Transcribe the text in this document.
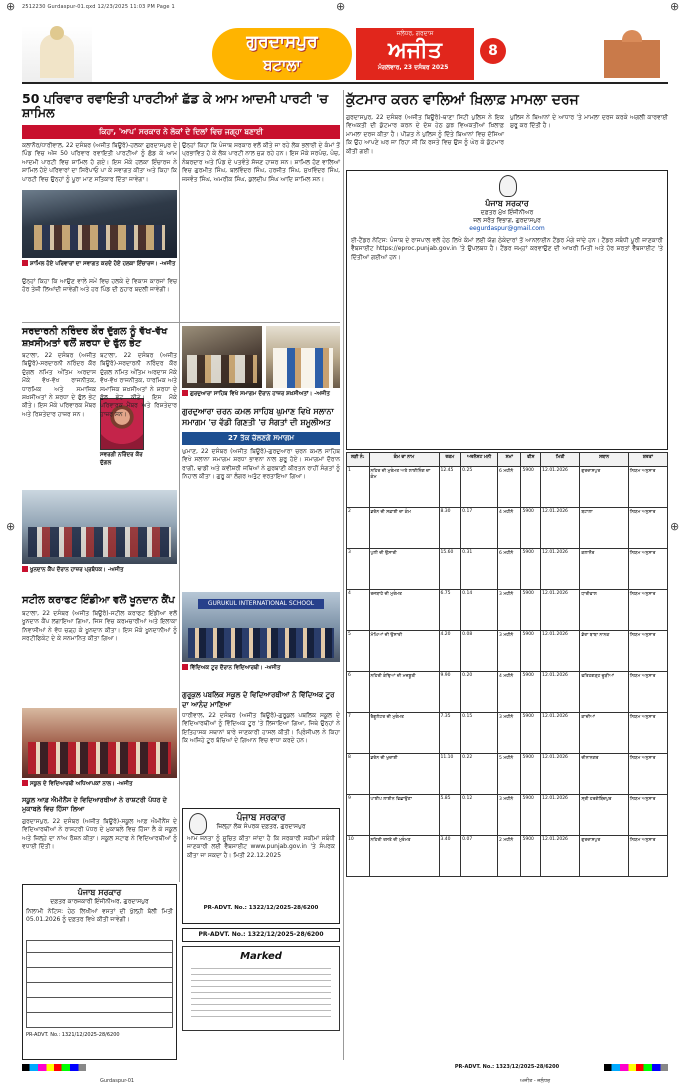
2512230 Gurdaspur-01.qxd 12/23/2025 11:03 PM Page 1
⊕	⊕	⊕
⊕	⊕
ਗੁਰਦਾਸਪੁਰ
ਬਟਾਲਾ
ਜਲੰਧਰ, ਗਰਦਾਸ
ਅਜੀਤ
ਮੰਗਲਵਾਰ, 23 ਦਸੰਬਰ 2025
8
50 ਪਰਿਵਾਰ ਰਵਾਇਤੀ ਪਾਰਟੀਆਂ ਛੱਡ ਕੇ ਆਮ ਆਦਮੀ ਪਾਰਟੀ 'ਚ ਸ਼ਾਮਿਲ
ਕਿਹਾ, 'ਆਪ' ਸਰਕਾਰ ਨੇ ਲੋਕਾਂ ਦੇ ਦਿਲਾਂ ਵਿਚ ਜਗ੍ਹਾ ਬਣਾਈ
ਕਲਾਨੌਰ/ਧਾਰੀਵਾਲ, 22 ਦਸੰਬਰ (ਅਜੀਤ ਬਿਊਰੋ)-ਹਲਕਾ ਗੁਰਦਾਸਪੁਰ ਦੇ ਪਿੰਡ ਵਿਚ ਅੱਜ 50 ਪਰਿਵਾਰ ਰਵਾਇਤੀ ਪਾਰਟੀਆਂ ਨੂੰ ਛੱਡ ਕੇ ਆਮ ਆਦਮੀ ਪਾਰਟੀ ਵਿਚ ਸ਼ਾਮਿਲ ਹੋ ਗਏ। ਇਸ ਮੌਕੇ ਹਲਕਾ ਇੰਚਾਰਜ ਨੇ ਸ਼ਾਮਿਲ ਹੋਏ ਪਰਿਵਾਰਾਂ ਦਾ ਸਿਰੋਪਾਓ ਪਾ ਕੇ ਸਵਾਗਤ ਕੀਤਾ ਅਤੇ ਕਿਹਾ ਕਿ ਪਾਰਟੀ ਵਿਚ ਉਨ੍ਹਾਂ ਨੂੰ ਪੂਰਾ ਮਾਣ ਸਤਿਕਾਰ ਦਿੱਤਾ ਜਾਵੇਗਾ।
ਸ਼ਾਮਿਲ ਹੋਏ ਪਰਿਵਾਰਾਂ ਦਾ ਸਵਾਗਤ ਕਰਦੇ ਹੋਏ ਹਲਕਾ ਇੰਚਾਰਜ। -ਅਜੀਤ
ਉਨ੍ਹਾਂ ਕਿਹਾ ਕਿ ਆਉਣ ਵਾਲੇ ਸਮੇਂ ਵਿਚ ਹਲਕੇ ਦੇ ਵਿਕਾਸ ਕਾਰਜਾਂ ਵਿਚ ਹੋਰ ਤੇਜ਼ੀ ਲਿਆਂਦੀ ਜਾਵੇਗੀ ਅਤੇ ਹਰ ਪਿੰਡ ਦੀ ਨੁਹਾਰ ਬਦਲੀ ਜਾਵੇਗੀ।
ਉਨ੍ਹਾਂ ਕਿਹਾ ਕਿ ਪੰਜਾਬ ਸਰਕਾਰ ਵਲੋਂ ਕੀਤੇ ਜਾ ਰਹੇ ਲੋਕ ਭਲਾਈ ਦੇ ਕੰਮਾਂ ਤੋਂ ਪ੍ਰਭਾਵਿਤ ਹੋ ਕੇ ਲੋਕ ਪਾਰਟੀ ਨਾਲ ਜੁੜ ਰਹੇ ਹਨ। ਇਸ ਮੌਕੇ ਸਰਪੰਚ, ਪੰਚ, ਨੰਬਰਦਾਰ ਅਤੇ ਪਿੰਡ ਦੇ ਪਤਵੰਤੇ ਸੱਜਣ ਹਾਜ਼ਰ ਸਨ। ਸ਼ਾਮਿਲ ਹੋਣ ਵਾਲਿਆਂ ਵਿਚ ਗੁਰਮੀਤ ਸਿੰਘ, ਬਲਵਿੰਦਰ ਸਿੰਘ, ਹਰਜੀਤ ਸਿੰਘ, ਸੁਖਵਿੰਦਰ ਸਿੰਘ, ਜਸਵੰਤ ਸਿੰਘ, ਅਮਰੀਕ ਸਿੰਘ, ਕੁਲਦੀਪ ਸਿੰਘ ਆਦਿ ਸ਼ਾਮਿਲ ਸਨ।
ਸਰਦਾਰਨੀ ਨਰਿੰਦਰ ਕੌਰ ਦੁੱਗਲ ਨੂੰ ਵੱਖ-ਵੱਖ ਸ਼ਖ਼ਸੀਅਤਾਂ ਵਲੋਂ ਸ਼ਰਧਾ ਦੇ ਫੁੱਲ ਭੇਟ
ਬਟਾਲਾ, 22 ਦਸੰਬਰ (ਅਜੀਤ ਬਿਊਰੋ)-ਸਰਦਾਰਨੀ ਨਰਿੰਦਰ ਕੌਰ ਦੁੱਗਲ ਨਮਿਤ ਅੰਤਿਮ ਅਰਦਾਸ ਮੌਕੇ ਵੱਖ-ਵੱਖ ਰਾਜਨੀਤਕ, ਧਾਰਮਿਕ ਅਤੇ ਸਮਾਜਿਕ ਸ਼ਖ਼ਸੀਅਤਾਂ ਨੇ ਸ਼ਰਧਾ ਦੇ ਫੁੱਲ ਭੇਟ ਕੀਤੇ। ਇਸ ਮੌਕੇ ਪਰਿਵਾਰਕ ਮੈਂਬਰ ਅਤੇ ਰਿਸ਼ਤੇਦਾਰ ਹਾਜ਼ਰ ਸਨ।
ਸਵਰਗੀ ਨਰਿੰਦਰ ਕੌਰ ਦੁੱਗਲ
ਬਟਾਲਾ, 22 ਦਸੰਬਰ (ਅਜੀਤ ਬਿਊਰੋ)-ਸਰਦਾਰਨੀ ਨਰਿੰਦਰ ਕੌਰ ਦੁੱਗਲ ਨਮਿਤ ਅੰਤਿਮ ਅਰਦਾਸ ਮੌਕੇ ਵੱਖ-ਵੱਖ ਰਾਜਨੀਤਕ, ਧਾਰਮਿਕ ਅਤੇ ਸਮਾਜਿਕ ਸ਼ਖ਼ਸੀਅਤਾਂ ਨੇ ਸ਼ਰਧਾ ਦੇ ਫੁੱਲ ਭੇਟ ਕੀਤੇ। ਇਸ ਮੌਕੇ ਪਰਿਵਾਰਕ ਮੈਂਬਰ ਅਤੇ ਰਿਸ਼ਤੇਦਾਰ ਹਾਜ਼ਰ ਸਨ।
ਗੁਰਦੁਆਰਾ ਸਾਹਿਬ ਵਿਖੇ ਸਮਾਗਮ ਦੌਰਾਨ ਹਾਜ਼ਰ ਸ਼ਖ਼ਸੀਅਤਾਂ। -ਅਜੀਤ
ਗੁਰਦੁਆਰਾ ਚਰਨ ਕਮਲ ਸਾਹਿਬ ਘੁਮਾਣ ਵਿਖੇ ਸਲਾਨਾ ਸਮਾਗਮ 'ਚ ਵੱਡੀ ਗਿਣਤੀ 'ਚ ਸੰਗਤਾਂ ਦੀ ਸ਼ਮੂਲੀਅਤ
27 ਤੱਕ ਚੱਲਣਗੇ ਸਮਾਗਮ
ਘੁਮਾਣ, 22 ਦਸੰਬਰ (ਅਜੀਤ ਬਿਊਰੋ)-ਗੁਰਦੁਆਰਾ ਚਰਨ ਕਮਲ ਸਾਹਿਬ ਵਿਖੇ ਸਲਾਨਾ ਸਮਾਗਮ ਸ਼ਰਧਾ ਭਾਵਨਾ ਨਾਲ ਸ਼ੁਰੂ ਹੋਏ। ਸਮਾਗਮਾਂ ਦੌਰਾਨ ਰਾਗੀ, ਢਾਡੀ ਅਤੇ ਕਵੀਸ਼ਰੀ ਜਥਿਆਂ ਨੇ ਗੁਰਬਾਣੀ ਕੀਰਤਨ ਰਾਹੀਂ ਸੰਗਤਾਂ ਨੂੰ ਨਿਹਾਲ ਕੀਤਾ। ਗੁਰੂ ਕਾ ਲੰਗਰ ਅਤੁੱਟ ਵਰਤਾਇਆ ਗਿਆ।
ਖੂਨਦਾਨ ਕੈਂਪ ਦੌਰਾਨ ਹਾਜ਼ਰ ਪ੍ਰਬੰਧਕ। -ਅਜੀਤ
ਸਟੀਲ ਕਰਾਫਟ ਇੰਡੀਆ ਵਲੋਂ ਖੂਨਦਾਨ ਕੈਂਪ
ਬਟਾਲਾ, 22 ਦਸੰਬਰ (ਅਜੀਤ ਬਿਊਰੋ)-ਸਟੀਲ ਕਰਾਫਟ ਇੰਡੀਆ ਵਲੋਂ ਖੂਨਦਾਨ ਕੈਂਪ ਲਗਾਇਆ ਗਿਆ, ਜਿਸ ਵਿਚ ਕਰਮਚਾਰੀਆਂ ਅਤੇ ਇਲਾਕਾ ਨਿਵਾਸੀਆਂ ਨੇ ਵੱਧ ਚੜ੍ਹ ਕੇ ਖੂਨਦਾਨ ਕੀਤਾ। ਇਸ ਮੌਕੇ ਖੂਨਦਾਨੀਆਂ ਨੂੰ ਸਰਟੀਫਿਕੇਟ ਦੇ ਕੇ ਸਨਮਾਨਿਤ ਕੀਤਾ ਗਿਆ।
GURUKUL INTERNATIONAL SCHOOL
ਵਿੱਦਿਅਕ ਟੂਰ ਦੌਰਾਨ ਵਿਦਿਆਰਥੀ। -ਅਜੀਤ
ਗੁਰੂਕੁਲ ਪਬਲਿਕ ਸਕੂਲ ਦੇ ਵਿਦਿਆਰਥੀਆਂ ਨੇ ਵਿੱਦਿਅਕ ਟੂਰ ਦਾ ਆਨੰਦ ਮਾਣਿਆ
ਧਾਰੀਵਾਲ, 22 ਦਸੰਬਰ (ਅਜੀਤ ਬਿਊਰੋ)-ਗੁਰੂਕੁਲ ਪਬਲਿਕ ਸਕੂਲ ਦੇ ਵਿਦਿਆਰਥੀਆਂ ਨੂੰ ਵਿੱਦਿਅਕ ਟੂਰ 'ਤੇ ਲਿਜਾਇਆ ਗਿਆ, ਜਿਥੇ ਉਨ੍ਹਾਂ ਨੇ ਇਤਿਹਾਸਕ ਸਥਾਨਾਂ ਬਾਰੇ ਜਾਣਕਾਰੀ ਹਾਸਲ ਕੀਤੀ। ਪ੍ਰਿੰਸੀਪਲ ਨੇ ਕਿਹਾ ਕਿ ਅਜਿਹੇ ਟੂਰ ਬੱਚਿਆਂ ਦੇ ਗਿਆਨ ਵਿਚ ਵਾਧਾ ਕਰਦੇ ਹਨ।
ਸਕੂਲ ਦੇ ਵਿਦਿਆਰਥੀ ਅਧਿਆਪਕਾਂ ਨਾਲ। -ਅਜੀਤ
ਸਕੂਲ ਆਫ਼ ਐਮੀਨੈਂਸ ਦੇ ਵਿਦਿਆਰਥੀਆਂ ਨੇ ਰਾਸ਼ਟਰੀ ਪੱਧਰ ਦੇ ਮੁਕਾਬਲੇ ਵਿਚ ਹਿੱਸਾ ਲਿਆ
ਗੁਰਦਾਸਪੁਰ, 22 ਦਸੰਬਰ (ਅਜੀਤ ਬਿਊਰੋ)-ਸਕੂਲ ਆਫ਼ ਐਮੀਨੈਂਸ ਦੇ ਵਿਦਿਆਰਥੀਆਂ ਨੇ ਰਾਸ਼ਟਰੀ ਪੱਧਰ ਦੇ ਮੁਕਾਬਲੇ ਵਿਚ ਹਿੱਸਾ ਲੈ ਕੇ ਸਕੂਲ ਅਤੇ ਜ਼ਿਲ੍ਹੇ ਦਾ ਨਾਂਅ ਰੌਸ਼ਨ ਕੀਤਾ। ਸਕੂਲ ਸਟਾਫ ਨੇ ਵਿਦਿਆਰਥੀਆਂ ਨੂੰ ਵਧਾਈ ਦਿੱਤੀ।
ਪੰਜਾਬ ਸਰਕਾਰ
ਦਫ਼ਤਰ ਕਾਰਜਕਾਰੀ ਇੰਜੀਨੀਅਰ, ਗੁਰਦਾਸਪੁਰ
ਨਿਲਾਮੀ ਨੋਟਿਸ: ਹੇਠ ਲਿਖੀਆਂ ਵਸਤਾਂ ਦੀ ਖੁੱਲ੍ਹੀ ਬੋਲੀ ਮਿਤੀ 05.01.2026 ਨੂੰ ਦਫ਼ਤਰ ਵਿਖੇ ਕੀਤੀ ਜਾਵੇਗੀ।
PR-ADVT. No.: 1321/12/2025-28/6200
ਪੰਜਾਬ ਸਰਕਾਰ
ਜ਼ਿਲ੍ਹਾ ਲੋਕ ਸੰਪਰਕ ਦਫ਼ਤਰ, ਗੁਰਦਾਸਪੁਰ
ਆਮ ਜਨਤਾ ਨੂੰ ਸੂਚਿਤ ਕੀਤਾ ਜਾਂਦਾ ਹੈ ਕਿ ਸਰਕਾਰੀ ਸਕੀਮਾਂ ਸਬੰਧੀ ਜਾਣਕਾਰੀ ਲਈ ਵੈੱਬਸਾਈਟ www.punjab.gov.in 'ਤੇ ਸੰਪਰਕ ਕੀਤਾ ਜਾ ਸਕਦਾ ਹੈ। ਮਿਤੀ 22.12.2025
PR-ADVT. No.: 1322/12/2025-28/6200
PR-ADVT. No.: 1322/12/2025-28/6200
Marked
ਕੁੱਟਮਾਰ ਕਰਨ ਵਾਲਿਆਂ ਖ਼ਿਲਾਫ਼ ਮਾਮਲਾ ਦਰਜ
ਗੁਰਦਾਸਪੁਰ, 22 ਦਸੰਬਰ (ਅਜੀਤ ਬਿਊਰੋ)-ਥਾਣਾ ਸਿਟੀ ਪੁਲਿਸ ਨੇ ਇਕ ਵਿਅਕਤੀ ਦੀ ਕੁੱਟਮਾਰ ਕਰਨ ਦੇ ਦੋਸ਼ ਹੇਠ ਕੁਝ ਵਿਅਕਤੀਆਂ ਖ਼ਿਲਾਫ਼ ਮਾਮਲਾ ਦਰਜ ਕੀਤਾ ਹੈ। ਪੀੜਤ ਨੇ ਪੁਲਿਸ ਨੂੰ ਦਿੱਤੇ ਬਿਆਨਾਂ ਵਿਚ ਦੱਸਿਆ ਕਿ ਉਹ ਆਪਣੇ ਘਰ ਜਾ ਰਿਹਾ ਸੀ ਕਿ ਰਸਤੇ ਵਿਚ ਉਸ ਨੂੰ ਘੇਰ ਕੇ ਕੁੱਟਮਾਰ ਕੀਤੀ ਗਈ।
ਪੁਲਿਸ ਨੇ ਬਿਆਨਾਂ ਦੇ ਆਧਾਰ 'ਤੇ ਮਾਮਲਾ ਦਰਜ ਕਰਕੇ ਅਗਲੀ ਕਾਰਵਾਈ ਸ਼ੁਰੂ ਕਰ ਦਿੱਤੀ ਹੈ।
ਪੰਜਾਬ ਸਰਕਾਰ
ਦਫ਼ਤਰ ਮੁੱਖ ਇੰਜੀਨੀਅਰ
ਜਲ ਸਰੋਤ ਵਿਭਾਗ, ਗੁਰਦਾਸਪੁਰ
eegurdaspur@gmail.com
ਈ-ਟੈਂਡਰ ਨੋਟਿਸ: ਪੰਜਾਬ ਦੇ ਰਾਜਪਾਲ ਵਲੋਂ ਹੇਠ ਲਿਖੇ ਕੰਮਾਂ ਲਈ ਯੋਗ ਠੇਕੇਦਾਰਾਂ ਤੋਂ ਆਨਲਾਈਨ ਟੈਂਡਰ ਮੰਗੇ ਜਾਂਦੇ ਹਨ। ਟੈਂਡਰ ਸਬੰਧੀ ਪੂਰੀ ਜਾਣਕਾਰੀ ਵੈੱਬਸਾਈਟ https://eproc.punjab.gov.in 'ਤੇ ਉਪਲਬਧ ਹੈ। ਟੈਂਡਰ ਜਮ੍ਹਾਂ ਕਰਵਾਉਣ ਦੀ ਆਖ਼ਰੀ ਮਿਤੀ ਅਤੇ ਹੋਰ ਸ਼ਰਤਾਂ ਵੈੱਬਸਾਈਟ 'ਤੇ ਦਿੱਤੀਆਂ ਗਈਆਂ ਹਨ।
ਲੜੀ ਨੰ:	ਕੰਮ ਦਾ ਨਾਮ	ਰਕਮ	ਅਰਨੈਸਟ ਮਨੀ	ਸਮਾਂ	ਫੀਸ	ਮਿਤੀ	ਸਥਾਨ	ਸ਼ਰਤਾਂ
1	ਨਹਿਰ ਦੀ ਮੁਰੰਮਤ ਅਤੇ ਲਾਈਨਿੰਗ ਦਾ ਕੰਮ	12.45	0.25	6 ਮਹੀਨੇ	5900	12.01.2026	ਗੁਰਦਾਸਪੁਰ	ਨਿਯਮ ਅਨੁਸਾਰ
2	ਡਰੇਨ ਦੀ ਸਫ਼ਾਈ ਦਾ ਕੰਮ	8.30	0.17	4 ਮਹੀਨੇ	5900	12.01.2026	ਬਟਾਲਾ	ਨਿਯਮ ਅਨੁਸਾਰ
3	ਪੁਲੀ ਦੀ ਉਸਾਰੀ	15.60	0.31	6 ਮਹੀਨੇ	5900	12.01.2026	ਕਲਾਨੌਰ	ਨਿਯਮ ਅਨੁਸਾਰ
4	ਰਜਬਾਹੇ ਦੀ ਮੁਰੰਮਤ	6.75	0.14	3 ਮਹੀਨੇ	5900	12.01.2026	ਧਾਰੀਵਾਲ	ਨਿਯਮ ਅਨੁਸਾਰ
5	ਮੋਘਿਆਂ ਦੀ ਉਸਾਰੀ	4.20	0.08	3 ਮਹੀਨੇ	5900	12.01.2026	ਡੇਰਾ ਬਾਬਾ ਨਾਨਕ	ਨਿਯਮ ਅਨੁਸਾਰ
6	ਨਹਿਰੀ ਕੰਢਿਆਂ ਦੀ ਮਜ਼ਬੂਤੀ	9.90	0.20	4 ਮਹੀਨੇ	5900	12.01.2026	ਫਤਿਹਗੜ੍ਹ ਚੂੜੀਆਂ	ਨਿਯਮ ਅਨੁਸਾਰ
7	ਰੈਗੂਲੇਟਰ ਦੀ ਮੁਰੰਮਤ	7.35	0.15	3 ਮਹੀਨੇ	5900	12.01.2026	ਕਾਦੀਆਂ	ਨਿਯਮ ਅਨੁਸਾਰ
8	ਡਰੇਨ ਦੀ ਖੁਦਾਈ	11.10	0.22	5 ਮਹੀਨੇ	5900	12.01.2026	ਦੀਨਾਨਗਰ	ਨਿਯਮ ਅਨੁਸਾਰ
9	ਪਾਈਪ ਲਾਈਨ ਵਿਛਾਉਣਾ	5.85	0.12	3 ਮਹੀਨੇ	5900	12.01.2026	ਸ੍ਰੀ ਹਰਗੋਬਿੰਦਪੁਰ	ਨਿਯਮ ਅਨੁਸਾਰ
10	ਨਹਿਰੀ ਰਸਤੇ ਦੀ ਮੁਰੰਮਤ	3.40	0.07	2 ਮਹੀਨੇ	5900	12.01.2026	ਗੁਰਦਾਸਪੁਰ	ਨਿਯਮ ਅਨੁਸਾਰ
PR-ADVT. No.: 1323/12/2025-28/6200
Gurdaspur-01	ਅਜੀਤ - ਜਲੰਧਰ
